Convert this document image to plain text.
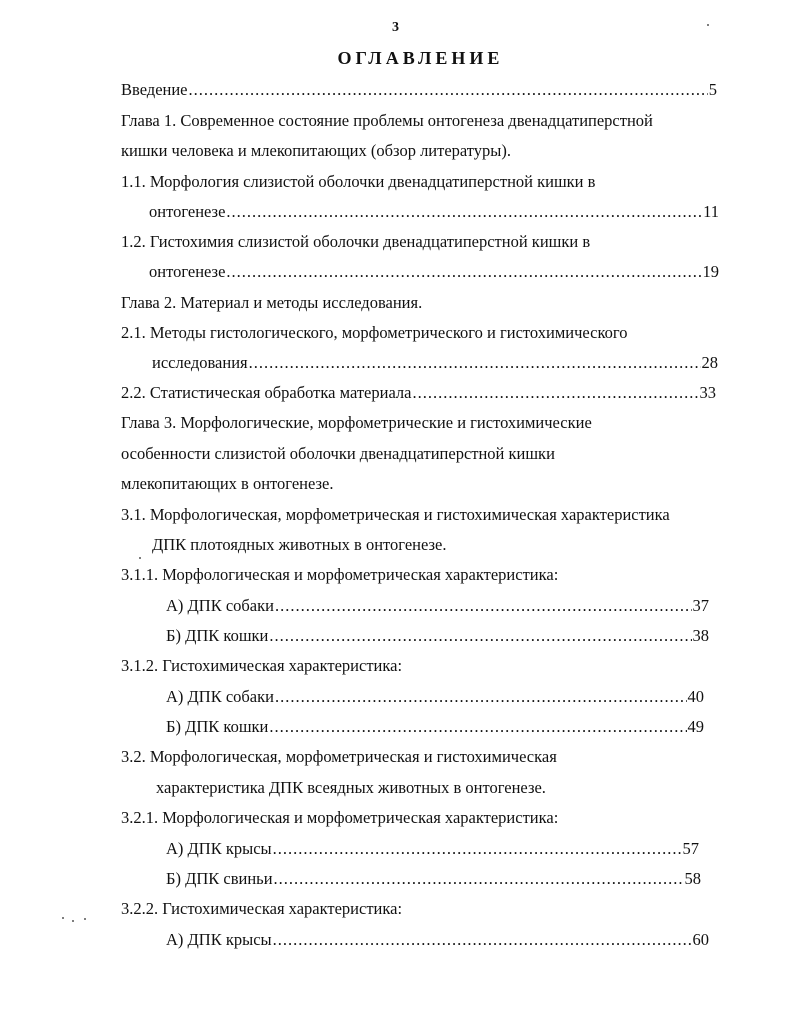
3
ОГЛАВЛЕНИЕ
Введение .....	5
Глава 1. Современное состояние проблемы онтогенеза двенадцатиперстной
кишки человека и млекопитающих (обзор литературы).
1.1. Морфология слизистой оболочки двенадцатиперстной кишки в
онтогенезе .....	11
1.2. Гистохимия слизистой оболочки двенадцатиперстной кишки в
онтогенезе .....	19
Глава 2. Материал и методы исследования.
2.1. Методы гистологического, морфометрического и гистохимического
исследования .....	28
2.2. Статистическая обработка материала .....	33
Глава 3. Морфологические, морфометрические и гистохимические
особенности слизистой оболочки двенадцатиперстной кишки
млекопитающих в онтогенезе.
3.1. Морфологическая, морфометрическая и гистохимическая характеристика
ДПК плотоядных животных в онтогенезе.
3.1.1. Морфологическая и морфометрическая характеристика:
А) ДПК собаки .....	37
Б) ДПК кошки .....	38
3.1.2. Гистохимическая характеристика:
А) ДПК собаки .....	40
Б) ДПК кошки .....	49
3.2. Морфологическая, морфометрическая и гистохимическая
характеристика ДПК всеядных животных в онтогенезе.
3.2.1. Морфологическая и морфометрическая характеристика:
А) ДПК крысы .....	57
Б) ДПК свиньи .....	58
3.2.2. Гистохимическая характеристика:
А) ДПК крысы .....	60
